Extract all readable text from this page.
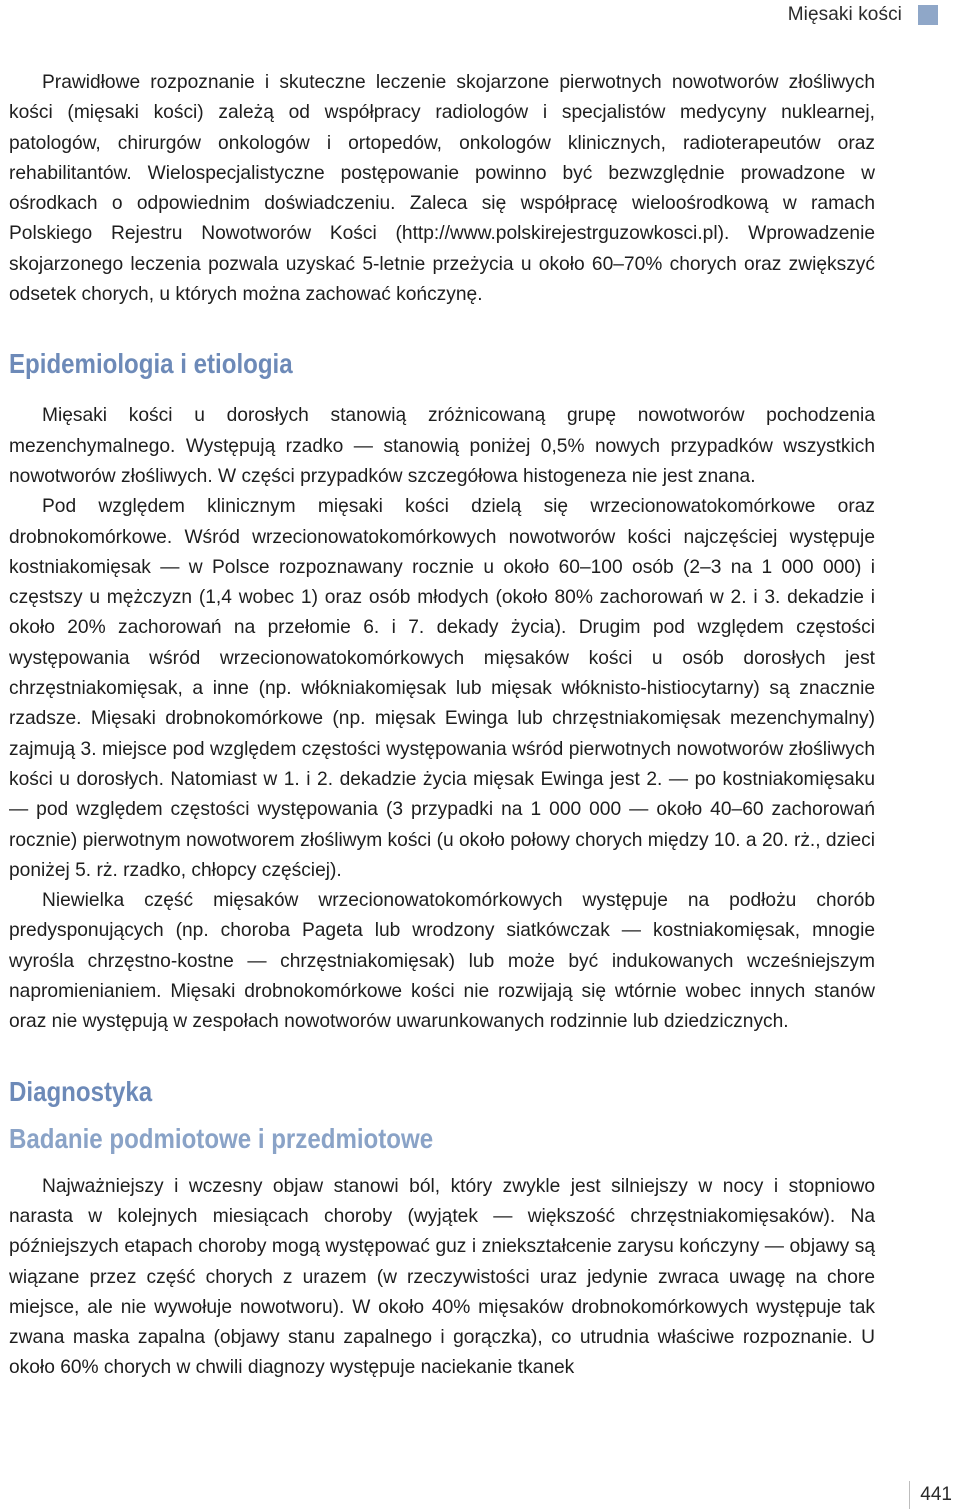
Mięsaki kości

Prawidłowe rozpoznanie i skuteczne leczenie skojarzone pierwotnych nowotworów złośliwych kości (mięsaki kości) zależą od współpracy radiologów i specjalistów medycyny nuklearnej, patologów, chirurgów onkologów i ortopedów, onkologów klinicznych, radioterapeutów oraz rehabilitantów. Wielospecjalistyczne postępowanie powinno być bezwzględnie prowadzone w ośrodkach o odpowiednim doświadczeniu. Zaleca się współpracę wieloośrodkową w ramach Polskiego Rejestru Nowotworów Kości (http://www.polskirejestrguzowkosci.pl). Wprowadzenie skojarzonego leczenia pozwala uzyskać 5-letnie przeżycia u około 60–70% chorych oraz zwiększyć odsetek chorych, u których można zachować kończynę.

Epidemiologia i etiologia

Mięsaki kości u dorosłych stanowią zróżnicowaną grupę nowotworów pochodzenia mezenchymalnego. Występują rzadko — stanowią poniżej 0,5% nowych przypadków wszystkich nowotworów złośliwych. W części przypadków szczegółowa histogeneza nie jest znana.

Pod względem klinicznym mięsaki kości dzielą się wrzecionowatokomórkowe oraz drobnokomórkowe. Wśród wrzecionowatokomórkowych nowotworów kości najczęściej występuje kostniakomięsak — w Polsce rozpoznawany rocznie u około 60–100 osób (2–3 na 1 000 000) i częstszy u mężczyzn (1,4 wobec 1) oraz osób młodych (około 80% zachorowań w 2. i 3. dekadzie i około 20% zachorowań na przełomie 6. i 7. dekady życia). Drugim pod względem częstości występowania wśród wrzecionowatokomórkowych mięsaków kości u osób dorosłych jest chrzęstniakomięsak, a inne (np. włókniakomięsak lub mięsak włóknisto-histiocytarny) są znacznie rzadsze. Mięsaki drobnokomórkowe (np. mięsak Ewinga lub chrzęstniakomięsak mezenchymalny) zajmują 3. miejsce pod względem częstości występowania wśród pierwotnych nowotworów złośliwych kości u dorosłych. Natomiast w 1. i 2. dekadzie życia mięsak Ewinga jest 2. — po kostniakomięsaku — pod względem częstości występowania (3 przypadki na 1 000 000 — około 40–60 zachorowań rocznie) pierwotnym nowotworem złośliwym kości (u około połowy chorych między 10. a 20. rż., dzieci poniżej 5. rż. rzadko, chłopcy częściej).

Niewielka część mięsaków wrzecionowatokomórkowych występuje na podłożu chorób predysponujących (np. choroba Pageta lub wrodzony siatkówczak — kostniakomięsak, mnogie wyrośla chrzęstno-kostne — chrzęstniakomięsak) lub może być indukowanych wcześniejszym napromienianiem. Mięsaki drobnokomórkowe kości nie rozwijają się wtórnie wobec innych stanów oraz nie występują w zespołach nowotworów uwarunkowanych rodzinnie lub dziedzicznych.

Diagnostyka
Badanie podmiotowe i przedmiotowe

Najważniejszy i wczesny objaw stanowi ból, który zwykle jest silniejszy w nocy i stopniowo narasta w kolejnych miesiącach choroby (wyjątek — większość chrzęstniakomięsaków). Na późniejszych etapach choroby mogą występować guz i zniekształcenie zarysu kończyny — objawy są wiązane przez część chorych z urazem (w rzeczywistości uraz jedynie zwraca uwagę na chore miejsce, ale nie wywołuje nowotworu). W około 40% mięsaków drobnokomórkowych występuje tak zwana maska zapalna (objawy stanu zapalnego i gorączka), co utrudnia właściwe rozpoznanie. U około 60% chorych w chwili diagnozy występuje naciekanie tkanek

441
